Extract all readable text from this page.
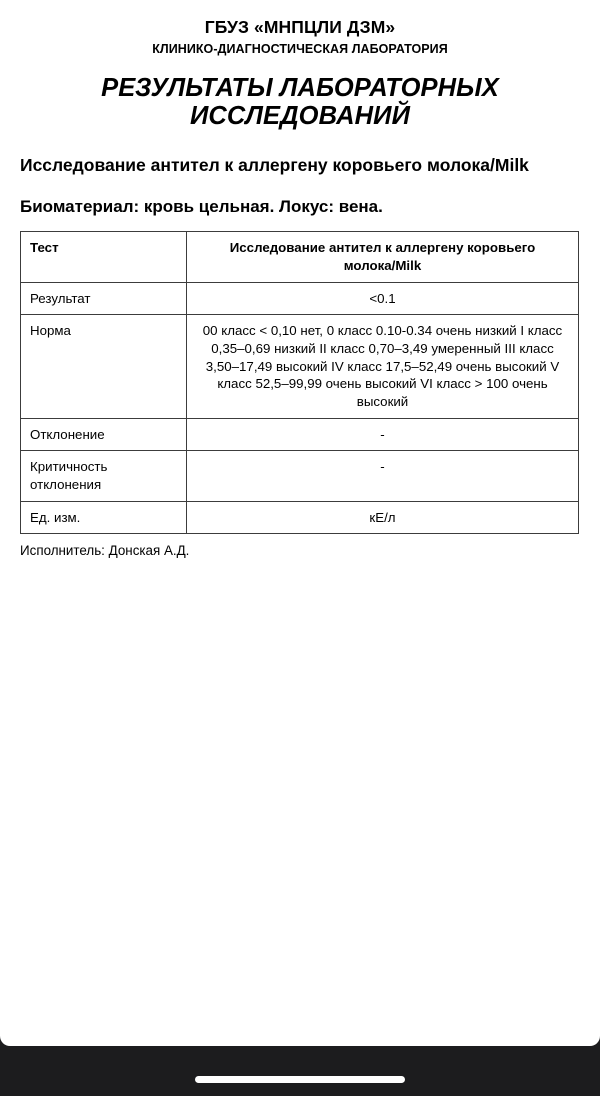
ГБУЗ «МНПЦЛИ ДЗМ»
КЛИНИКО-ДИАГНОСТИЧЕСКАЯ ЛАБОРАТОРИЯ
РЕЗУЛЬТАТЫ ЛАБОРАТОРНЫХ ИССЛЕДОВАНИЙ
Исследование антител к аллергену коровьего молока/Milk
Биоматериал: кровь цельная. Локус: вена.
Тест	Исследование антител к аллергену коровьего молока/Milk
Результат	<0.1
Норма	00 класс < 0,10 нет, 0 класс 0.10-0.34 очень низкий I класс 0,35–0,69 низкий II класс 0,70–3,49 умеренный III класс 3,50–17,49 высокий IV класс 17,5–52,49 очень высокий V класс 52,5–99,99 очень высокий VI класс > 100 очень высокий
Отклонение	-
Критичность отклонения	-
Ед. изм.	кЕ/л
Исполнитель: Донская А.Д.
